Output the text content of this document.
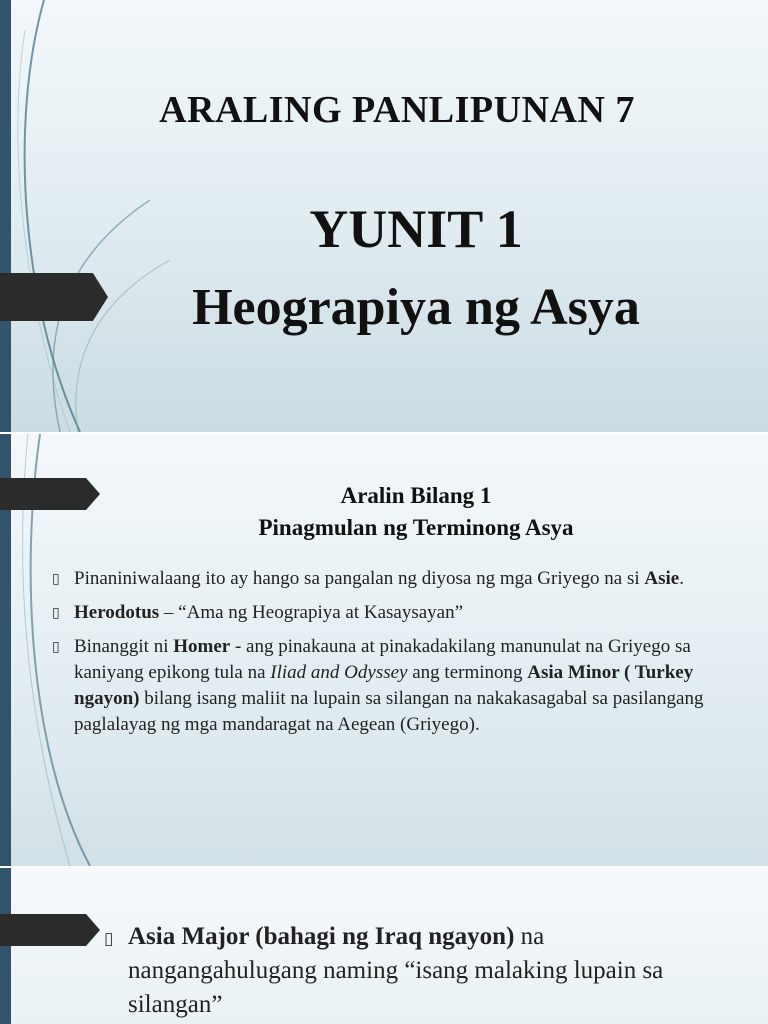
ARALING PANLIPUNAN 7
YUNIT 1
Heograpiya ng Asya
Aralin Bilang 1
Pinagmulan ng Terminong Asya
▯ Pinaniniwalaang ito ay hango sa pangalan ng diyosa ng mga Griyego na si Asie.
▯ Herodotus – “Ama ng Heograpiya at Kasaysayan”
▯ Binanggit ni Homer - ang pinakauna at pinakadakilang manunulat na Griyego sa kaniyang epikong tula na Iliad and Odyssey ang terminong Asia Minor ( Turkey ngayon) bilang isang maliit na lupain sa silangan na nakakasagabal sa pasilangang paglalayag ng mga mandaragat na Aegean (Griyego).
▯ Asia Major (bahagi ng Iraq ngayon) na nangangahulugang naming “isang malaking lupain sa silangan”
